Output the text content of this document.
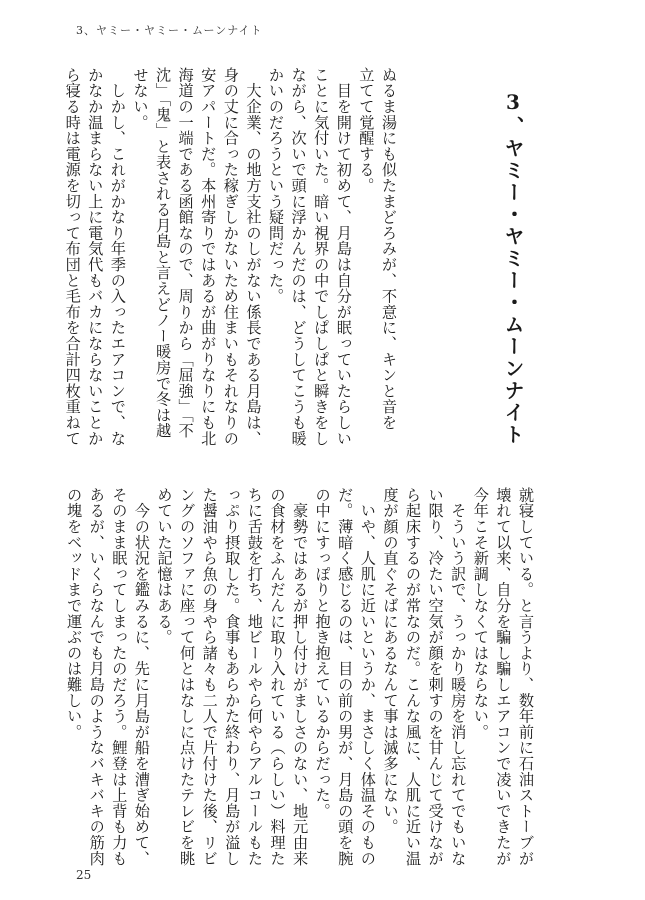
3、ヤミー・ヤミー・ムーンナイト
3、ヤミー・ヤミー・ムーンナイト
ぬるま湯にも似たまどろみが、不意に、キンと音を
立てて覚醒する。
　目を開けて初めて、月島は自分が眠っていたらしい
ことに気付いた。暗い視界の中でしぱしぱと瞬きをし
ながら、次いで頭に浮かんだのは、どうしてこうも暖
かいのだろうという疑問だった。
　大企業、の地方支社のしがない係長である月島は、
身の丈に合った稼ぎしかないため住まいもそれなりの
安アパートだ。本州寄りではあるが曲がりなりにも北
海道の一端である函館なので、周りから「屈強」「不
沈」「鬼」と表される月島と言えどノー暖房で冬は越
せない。
　しかし、これがかなり年季の入ったエアコンで、な
かなか温まらない上に電気代もバカにならないことか
ら寝る時は電源を切って布団と毛布を合計四枚重ねて

就寝している。と言うより、数年前に石油ストーブが
壊れて以来、自分を騙し騙しエアコンで凌いできたが
今年こそ新調しなくてはならない。
　そういう訳で、うっかり暖房を消し忘れてでもいな
い限り、冷たい空気が顔を刺すのを甘んじて受けなが
ら起床するのが常なのだ。こんな風に、人肌に近い温
度が顔の直ぐそばにあるなんて事は滅多にない。
　いや、人肌に近いというか、まさしく体温そのもの
だ。薄暗く感じるのは、目の前の男が、月島の頭を腕
の中にすっぽりと抱き抱えているからだった。
　豪勢ではあるが押し付けがましさのない、地元由来
の食材をふんだんに取り入れている（らしい）料理た
ちに舌鼓を打ち、地ビールやら何やらアルコールもた
っぷり摂取した。食事もあらかた終わり、月島が溢し
た醤油やら魚の身やら諸々も二人で片付けた後、リビ
ングのソファに座って何とはなしに点けたテレビを眺
めていた記憶はある。
　今の状況を鑑みるに、先に月島が船を漕ぎ始めて、
そのまま眠ってしまったのだろう。鯉登は上背も力も
あるが、いくらなんでも月島のようなバキバキの筋肉
の塊をベッドまで運ぶのは難しい。

25
